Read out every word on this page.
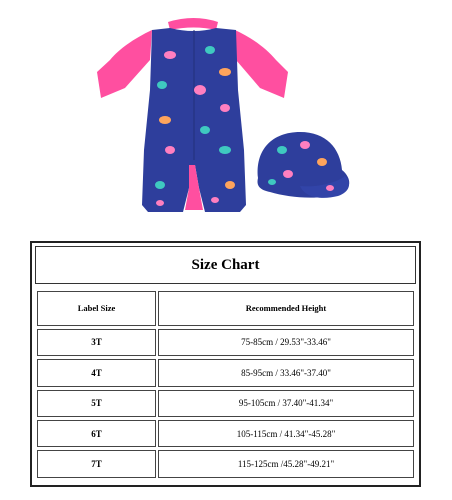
Size Chart
Label Size	Recommended Height
3T	75-85cm / 29.53"-33.46"
4T	85-95cm / 33.46"-37.40"
5T	95-105cm / 37.40"-41.34"
6T	105-115cm / 41.34"-45.28"
7T	115-125cm /45.28"-49.21"
